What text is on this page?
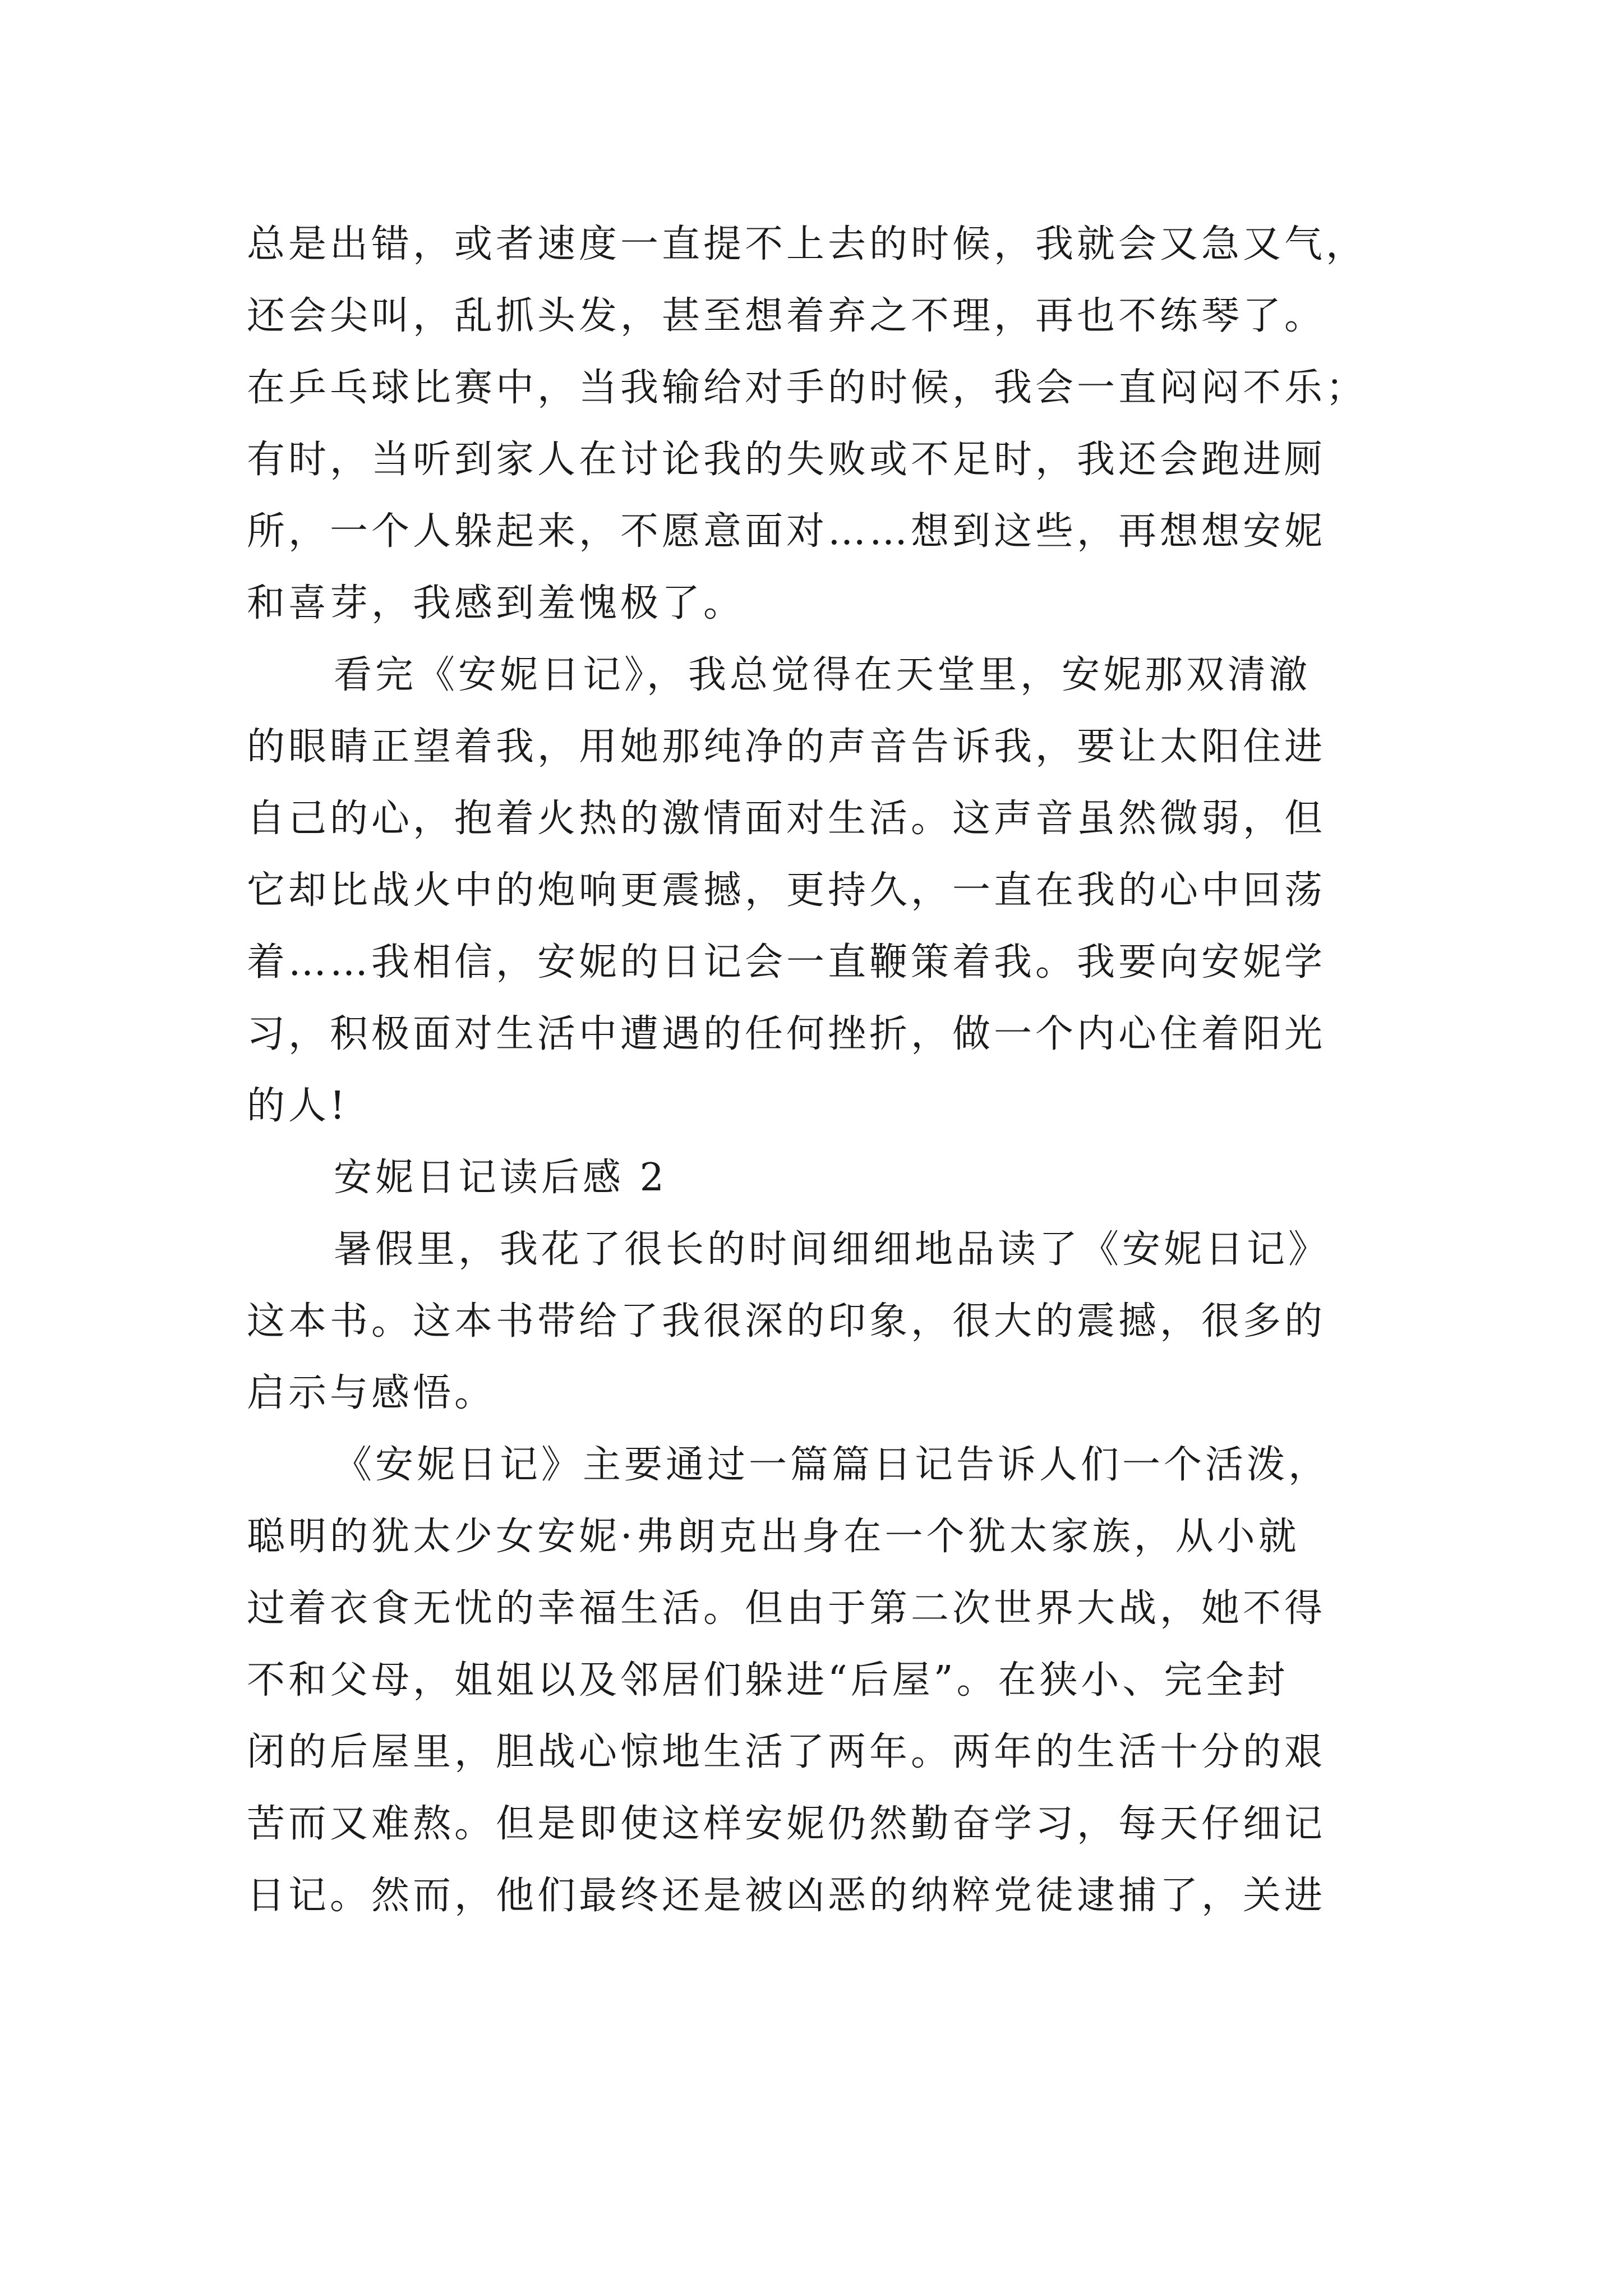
总是出错，或者速度一直提不上去的时候，我就会又急又气，
还会尖叫，乱抓头发，甚至想着弃之不理，再也不练琴了。
在乒乓球比赛中，当我输给对手的时候，我会一直闷闷不乐；
有时，当听到家人在讨论我的失败或不足时，我还会跑进厕
所，一个人躲起来，不愿意面对……想到这些，再想想安妮
和喜芽，我感到羞愧极了。
看完《安妮日记》，我总觉得在天堂里，安妮那双清澈
的眼睛正望着我，用她那纯净的声音告诉我，要让太阳住进
自己的心，抱着火热的激情面对生活。这声音虽然微弱，但
它却比战火中的炮响更震撼，更持久，一直在我的心中回荡
着……我相信，安妮的日记会一直鞭策着我。我要向安妮学
习，积极面对生活中遭遇的任何挫折，做一个内心住着阳光
的人!
安妮日记读后感 2
暑假里，我花了很长的时间细细地品读了《安妮日记》
这本书。这本书带给了我很深的印象，很大的震撼，很多的
启示与感悟。
《安妮日记》主要通过一篇篇日记告诉人们一个活泼，
聪明的犹太少女安妮·弗朗克出身在一个犹太家族，从小就
过着衣食无忧的幸福生活。但由于第二次世界大战，她不得
不和父母，姐姐以及邻居们躲进“后屋”。在狭小、完全封
闭的后屋里，胆战心惊地生活了两年。两年的生活十分的艰
苦而又难熬。但是即使这样安妮仍然勤奋学习，每天仔细记
日记。然而，他们最终还是被凶恶的纳粹党徒逮捕了，关进
